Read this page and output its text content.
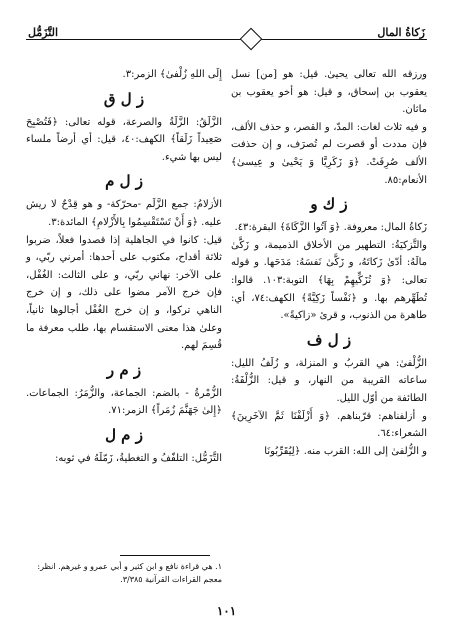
زَكاةُ المال
التَّزَمُّل
ورزقه الله تعالى يحيىٰ. قيل: هو [من] نسل يعقوب بن إسحاق، و قيل: هو أخو يعقوب بن ماثان.
و فيه ثلاث لغات: المدّ، و القصر، و حذف الألف، فإن مددت أو قصرت لم تُصرَف، و إن حذفت الألف صُرِفَتْ. ﴿وَ زَكَرِيَّا وَ يَحْيىٰ و عِيسىٰ﴾ الأنعام:٨٥.
ز ك و
زَكاةُ المال: معروفة. ﴿وَ آتُوا الزَّكَاةَ﴾ البقرة:٤٣.
والتَّزكيَةُ: التطهير من الأخلاق الذميمة، و زَكَّىٰ مالَهُ: أدّىٰ زَكاتَهُ، و زَكَّىٰ نَفسَهُ: مَدَحَها. و قوله تعالى: ﴿وَ تُزَكِّيهِمْ بِهَا﴾ التوبة:١٠٣. قالوا: تُطَهِّرهم بها. و ﴿نَفْساً زَكِيَّةً﴾ الكهف:٧٤، أي: طاهرة من الذنوب، و قرئ «زاكيةً».
ز ل ف
الزُّلْفىٰ: هي القربُ و المنزلة، و زُلَفُ الليل: ساعاته القريبة من النهار، و قيل: الزُّلْفَةُ: الطائفة من أوّل الليل.
و أزلفناهم: قرّبناهم. ﴿وَ أَزْلَفْنَا ثَمَّ الآخَرِينَ﴾ الشعراء:٦٤.
و الزُّلفىٰ إلى الله: القرب منه. ﴿لِيُقَرِّبُونَا
إِلَى اللهِ زُلْفىٰ﴾ الزمر:٣.
ز ل ق
الزَّلَقُ: الزَّلَةُ والصرعة، قوله تعالى: ﴿فَتُصْبِحَ صَعِيداً زَلَقاً﴾ الكهف:٤٠، قيل: أي أرضاً ملساء ليس بها شيء.
ز ل م
الأزلامُ: جمع الزَّلَم -محرّكة- و هو قِدْحٌ لا ريش عليه. ﴿وَ أَنْ تَسْتَقْسِمُوا بِالأَزْلامِ﴾ المائدة:٣.
قيل: كانوا في الجاهلية إذا قصدوا فعلاً، ضربوا ثلاثة أقداح، مكتوب على أحدها: أمرني ربّي، و على الآخر: نهاني ربّي، و على الثالث: الغُفْل، فإن خرج الآمر مضوا على ذلك، و إن خرج الناهي تركوا، و إن خرج الغُفْل أجالوها ثانياً، وعلىٰ هذا معنى الاستقسام بها، طلب معرفة ما قُسِمَ لهم.
ز م ر
الزُّمْرةُ - بالضم: الجماعة، والزُّمَرُ: الجماعات. ﴿إِلىٰ جَهَنَّمَ زُمَراً﴾ الزمر:٧١.
ز م ل
التَّزَمُّل: التلفّفُ و التغطيةُ، زَمّلَهُ في ثوبه:
١. هي قراءة نافع و ابن كثير و أبي عمرو و غيرهم. انظر: معجم القراءات القرآنية ٣/٣٨٥.
١٠١
